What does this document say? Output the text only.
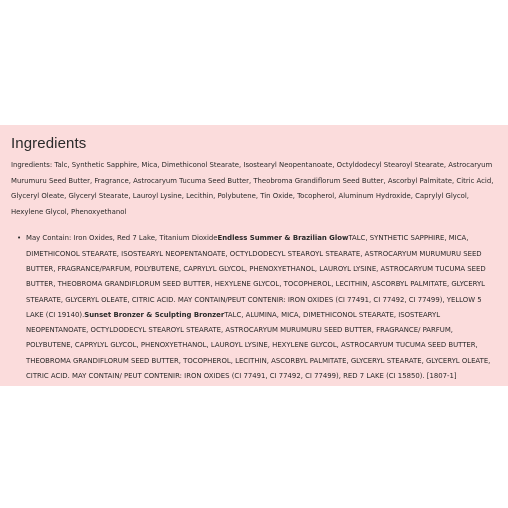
Ingredients

Ingredients: Talc, Synthetic Sapphire, Mica, Dimethiconol Stearate, Isostearyl Neopentanoate, Octyldodecyl Stearoyl Stearate, Astrocaryum Murumuru Seed Butter, Fragrance, Astrocaryum Tucuma Seed Butter, Theobroma Grandiflorum Seed Butter, Ascorbyl Palmitate, Citric Acid, Glyceryl Oleate, Glyceryl Stearate, Lauroyl Lysine, Lecithin, Polybutene, Tin Oxide, Tocopherol, Aluminum Hydroxide, Caprylyl Glycol, Hexylene Glycol, Phenoxyethanol

• May Contain: Iron Oxides, Red 7 Lake, Titanium DioxideEndless Summer & Brazilian GlowTALC, SYNTHETIC SAPPHIRE, MICA, DIMETHICONOL STEARATE, ISOSTEARYL NEOPENTANOATE, OCTYLDODECYL STEAROYL STEARATE, ASTROCARYUM MURUMURU SEED BUTTER, FRAGRANCE/PARFUM, POLYBUTENE, CAPRYLYL GLYCOL, PHENOXYETHANOL, LAUROYL LYSINE, ASTROCARYUM TUCUMA SEED BUTTER, THEOBROMA GRANDIFLORUM SEED BUTTER, HEXYLENE GLYCOL, TOCOPHEROL, LECITHIN, ASCORBYL PALMITATE, GLYCERYL STEARATE, GLYCERYL OLEATE, CITRIC ACID. MAY CONTAIN/PEUT CONTENIR: IRON OXIDES (CI 77491, CI 77492, CI 77499), YELLOW 5 LAKE (CI 19140).Sunset Bronzer & Sculpting BronzerTALC, ALUMINA, MICA, DIMETHICONOL STEARATE, ISOSTEARYL NEOPENTANOATE, OCTYLDODECYL STEAROYL STEARATE, ASTROCARYUM MURUMURU SEED BUTTER, FRAGRANCE/ PARFUM, POLYBUTENE, CAPRYLYL GLYCOL, PHENOXYETHANOL, LAUROYL LYSINE, HEXYLENE GLYCOL, ASTROCARYUM TUCUMA SEED BUTTER, THEOBROMA GRANDIFLORUM SEED BUTTER, TOCOPHEROL, LECITHIN, ASCORBYL PALMITATE, GLYCERYL STEARATE, GLYCERYL OLEATE, CITRIC ACID. MAY CONTAIN/ PEUT CONTENIR: IRON OXIDES (CI 77491, CI 77492, CI 77499), RED 7 LAKE (CI 15850). [1807-1]
